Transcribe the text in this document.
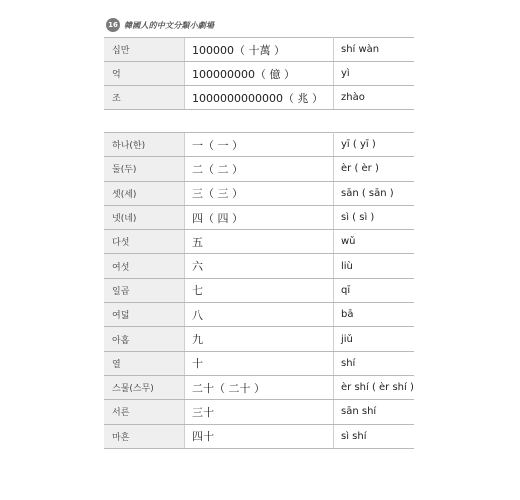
16 韓國人的中文分類小劇場
십만	100000（ 十萬 ）	shí wàn
억	100000000（ 億 ）	yì
조	1000000000000（ 兆 ）	zhào
하나(한)	一（ 一 ）	yī ( yī )
둘(두)	二（ 二 ）	èr ( èr )
셋(세)	三（ 三 ）	sān ( sān )
넷(네)	四（ 四 ）	sì ( sì )
다섯	五	wǔ
여섯	六	liù
일곱	七	qī
여덟	八	bā
아홉	九	jiǔ
열	十	shí
스물(스무)	二十（ 二十 ）	èr shí ( èr shí )
서른	三十	sān shí
마흔	四十	sì shí
